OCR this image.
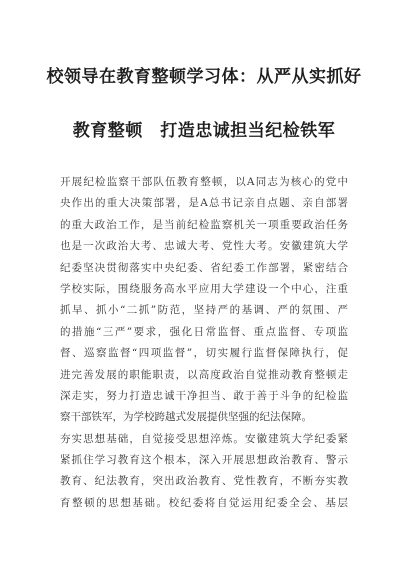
校领导在教育整顿学习体：从严从实抓好
教育整顿　打造忠诚担当纪检铁军
开展纪检监察干部队伍教育整顿，以A同志为核心的党中
央作出的重大决策部署，是A总书记亲自点题、亲自部署
的重大政治工作，是当前纪检监察机关一项重要政治任务
也是一次政治大考、忠诚大考、党性大考。安徽建筑大学
纪委坚决贯彻落实中央纪委、省纪委工作部署，紧密结合
学校实际，围绕服务高水平应用大学建设一个中心，注重
抓早、抓小“二抓”防范，坚持严的基调、严的氛围、严
的措施“三严”要求，强化日常监督、重点监督、专项监
督、巡察监督“四项监督”，切实履行监督保障执行，促
进完善发展的职能职责，以高度政治自觉推动教育整顿走
深走实，努力打造忠诚干净担当、敢于善于斗争的纪检监
察干部铁军，为学校跨越式发展提供坚强的纪法保障。
夯实思想基础，自觉接受思想淬炼。安徽建筑大学纪委紧
紧抓住学习教育这个根本，深入开展思想政治教育、警示
教育、纪法教育，突出政治教育、党性教育，不断夯实教
育整顿的思想基础。校纪委将自觉运用纪委全会、基层
